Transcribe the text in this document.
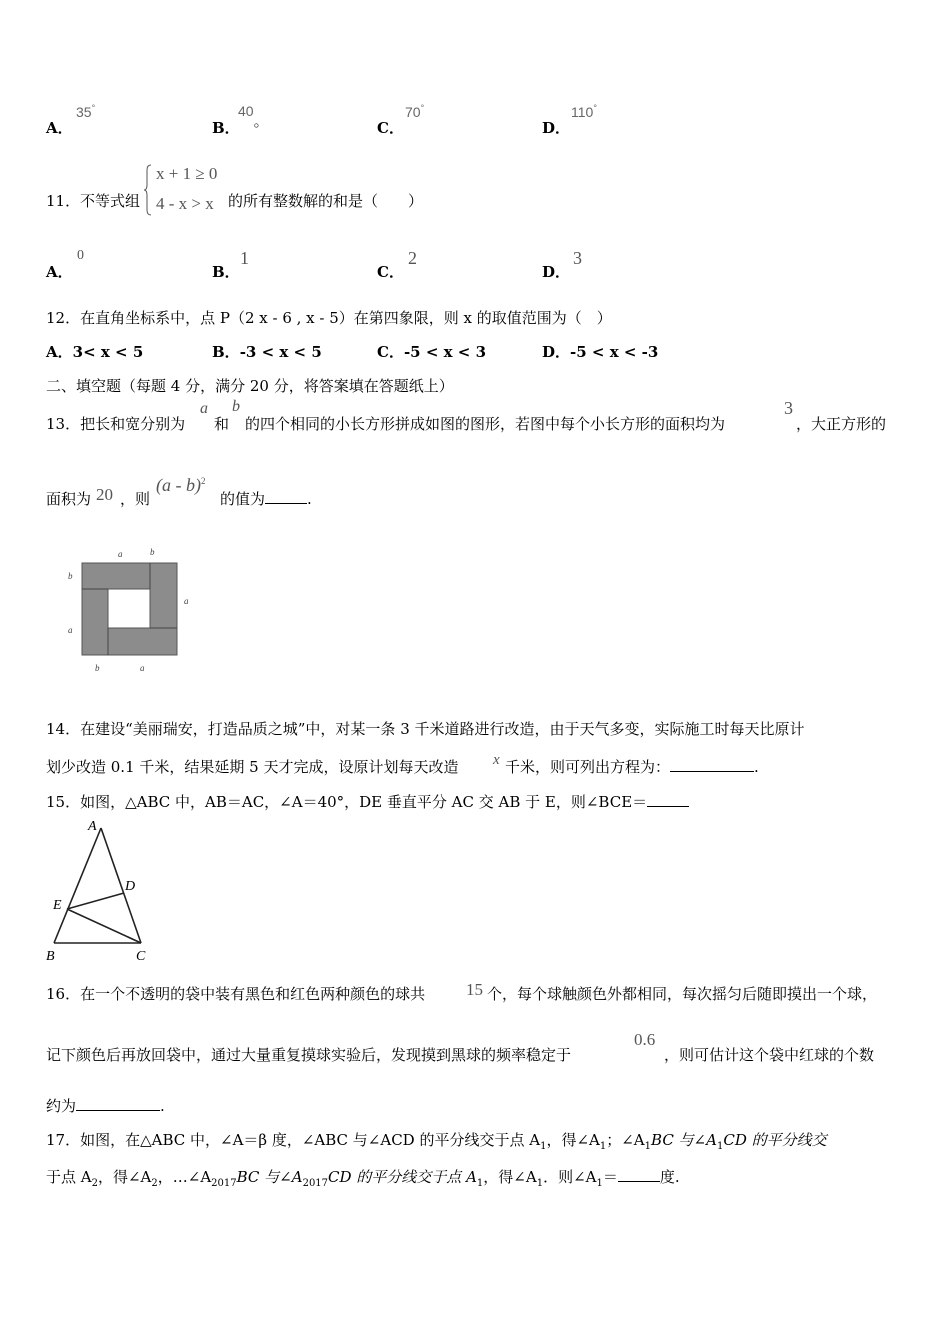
A．
35°
B．
40。	C．
70°
D．
110°
11． 不等式组
x + 1 ≥ 0
4 - x > x 的所有整数解的和是（　　）
A．
0
B．
1
C．
2
D．
3
12．在直角坐标系中，点 P（2 x - 6 , x - 5）在第四象限，则 x 的取值范围为（　）
A．3< x < 5	B．-3 < x < 5	C．-5 < x < 3	D．-5 < x < -3
二、填空题（每题 4 分，满分 20 分，将答案填在答题纸上）
13．把长和宽分别为
a
和
b
的四个相同的小长方形拼成如图的图形，若图中每个小长方形的面积均为
3
，大正方形的
面积为 20 ，则
(a - b)$^2$
的值为	.
a	b
b
a
a
b	a
14．在建设“美丽瑞安，打造品质之城”中，对某一条 3 千米道路进行改造，由于天气多变，实际施工时每天比原计
划少改造 0.1 千米，结果延期 5 天才完成，设原计划每天改造 x 千米，则可列出方程为：	.
15．如图，△ABC 中，AB＝AC，∠A＝40°，DE 垂直平分 AC 交 AB 于 E，则∠BCE＝
A
D
E
B	C
16．在一个不透明的袋中装有黑色和红色两种颜色的球共 15 个，每个球触颜色外都相同，每次摇匀后随即摸出一个球，
记下颜色后再放回袋中，通过大量重复摸球实验后，发现摸到黑球的频率稳定于
0.6
，则可估计这个袋中红球的个数
约为	.
17．如图，在△ABC 中，∠A＝β 度，∠ABC 与∠ACD 的平分线交于点 $A_1$，得$\angle A_1$；$\angle A_1BC$ 与$\angle A_1CD$ 的平分线交
于点 $A_2$，得$\angle A_2$，$\dots\angle A_{2017}BC$ 与$\angle A_{2017}CD$ 的平分线交于点 $A_1$，得$\angle A_1$．则$\angle A_1=$	度.
